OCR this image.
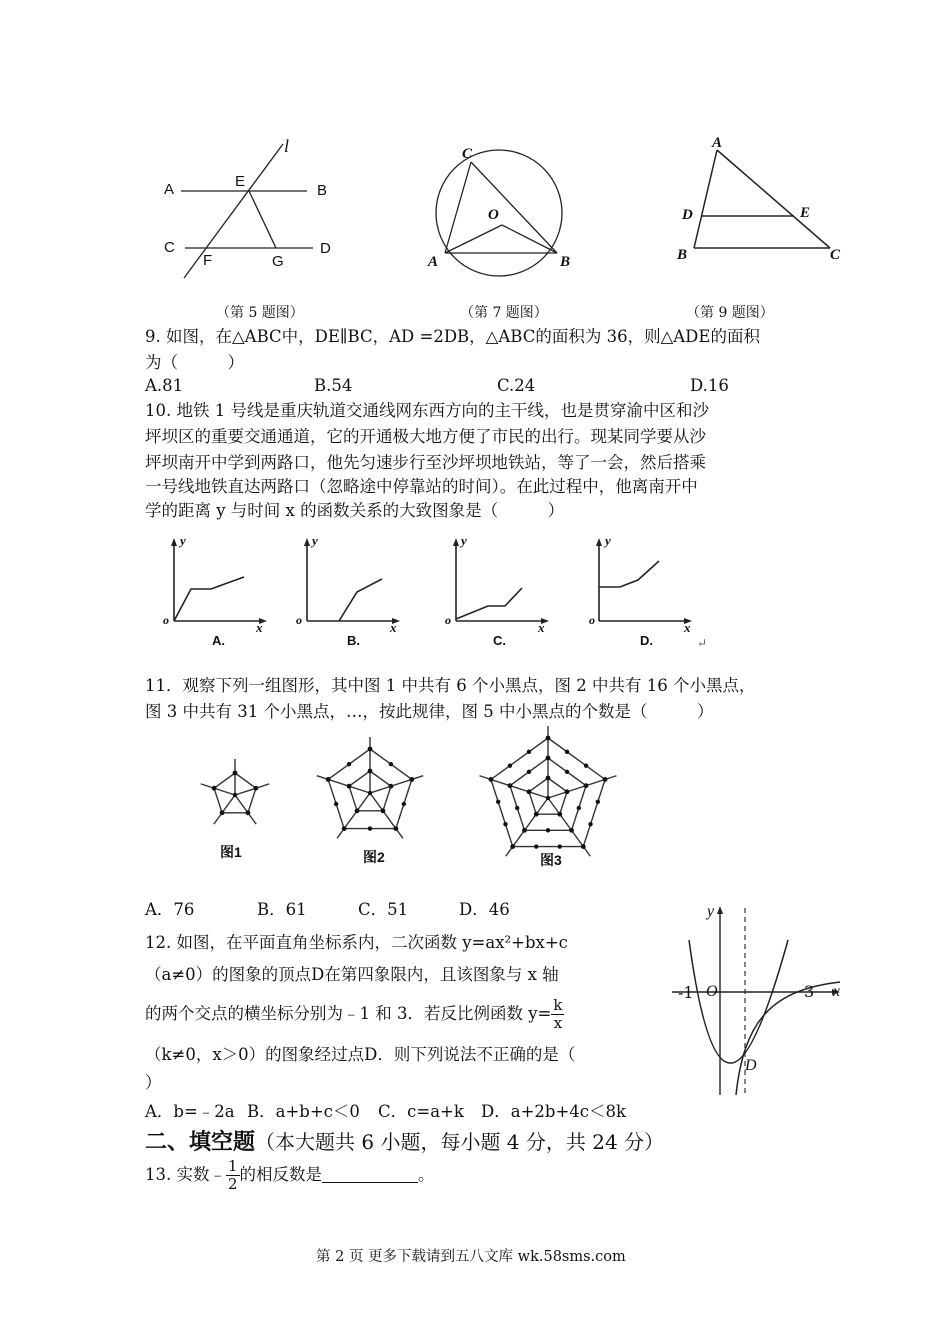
l
A	E
B
C
F	G
D
（第 5 题图）
C
O
A	B
（第 7 题图）
A
D	E
B	C
（第 9 题图）
9. 如图，在△ABC中，DE∥BC，AD =2DB，△ABC的面积为 36，则△ADE的面积
为（　　　）
A.81	B.54	C.24	D.16
10. 地铁 1 号线是重庆轨道交通线网东西方向的主干线，也是贯穿渝中区和沙
坪坝区的重要交通通道，它的开通极大地方便了市民的出行。现某同学要从沙
坪坝南开中学到两路口，他先匀速步行至沙坪坝地铁站，等了一会，然后搭乘
一号线地铁直达两路口（忽略途中停靠站的时间）。在此过程中，他离南开中
学的距离 y 与时间 x 的函数关系的大致图象是（　　　）
y
o	x
A.
y
o	x
B.
y
o	x
C.
y
o	x
D.	↵
11．观察下列一组图形，其中图 1 中共有 6 个小黑点，图 2 中共有 16 个小黑点，
图 3 中共有 31 个小黑点，…，按此规律，图 5 中小黑点的个数是（　　　）
图1	图2	图3
A．76	B．61	C．51	D．46
12. 如图，在平面直角坐标系内，二次函数 y=ax²+bx+c
（a≠0）的图象的顶点D在第四象限内，且该图象与 x 轴
的两个交点的横坐标分别为﹣1 和 3．若反比例函数 $y= \frac{k}{x}$
（k≠0，x＞0）的图象经过点D．则下列说法不正确的是（
）
A．b=﹣2a B．a+b+c＜0 C．c=a+k D．a+2b+4c＜8k
y
x
O
-1	3
D
二、填空题（本大题共 6 小题，每小题 4 分，共 24 分）
13. 实数﹣ $\frac{1}{2}$ 的相反数是	。
第 2 页 更多下载请到五八文库 wk.58sms.com
